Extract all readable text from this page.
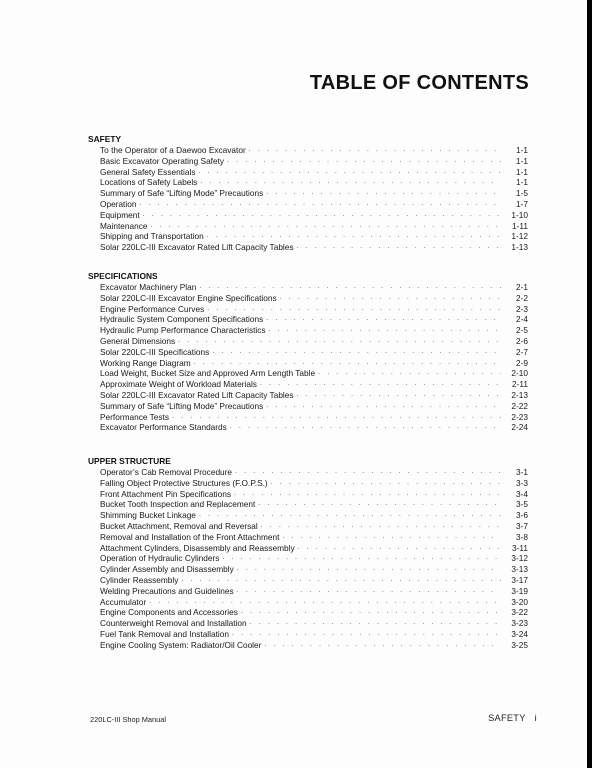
TABLE OF CONTENTS
SAFETY
To the Operator of a Daewoo Excavator . . .	1-1
Basic Excavator Operating Safety . . .	1-1
General Safety Essentials . . .	1-1
Locations of Safety Labels . . .	1-1
Summary of Safe “Lifting Mode” Precautions . . .	1-5
Operation . . .	1-7
Equipment . . .	1-10
Maintenance . . .	1-11
Shipping and Transportation . . .	1-12
Solar 220LC-III Excavator Rated Lift Capacity Tables . . .	1-13
SPECIFICATIONS
Excavator Machinery Plan . . .	2-1
Solar 220LC-III Excavator Engine Specifications . . .	2-2
Engine Performance Curves . . .	2-3
Hydraulic System Component Specifications . . .	2-4
Hydraulic Pump Performance Characteristics . . .	2-5
General Dimensions . . .	2-6
Solar 220LC-III Specifications . . .	2-7
Working Range Diagram . . .	2-9
Load Weight, Bucket Size and Approved Arm Length Table . . .	2-10
Approximate Weight of Workload Materials . . .	2-11
Solar 220LC-III Excavator Rated Lift Capacity Tables . . .	2-13
Summary of Safe “Lifting Mode” Precautions . . .	2-22
Performance Tests . . .	2-23
Excavator Performance Standards . . .	2-24
UPPER STRUCTURE
Operator’s Cab Removal Procedure . . .	3-1
Falling Object Protective Structures (F.O.P.S.) . . .	3-3
Front Attachment Pin Specifications . . .	3-4
Bucket Tooth Inspection and Replacement . . .	3-5
Shimming Bucket Linkage . . .	3-6
Bucket Attachment, Removal and Reversal . . .	3-7
Removal and Installation of the Front Attachment . . .	3-8
Attachment Cylinders, Disassembly and Reassembly . . .	3-11
Operation of Hydraulic Cylinders . . .	3-12
Cylinder Assembly and Disassembly . . .	3-13
Cylinder Reassembly . . .	3-17
Welding Precautions and Guidelines . . .	3-19
Accumulator . . .	3-20
Engine Components and Accessories . . .	3-22
Counterweight Removal and Installation . . .	3-23
Fuel Tank Removal and Installation . . .	3-24
Engine Cooling System: Radiator/Oil Cooler . . .	3-25
220LC-III Shop Manual	SAFETY i
